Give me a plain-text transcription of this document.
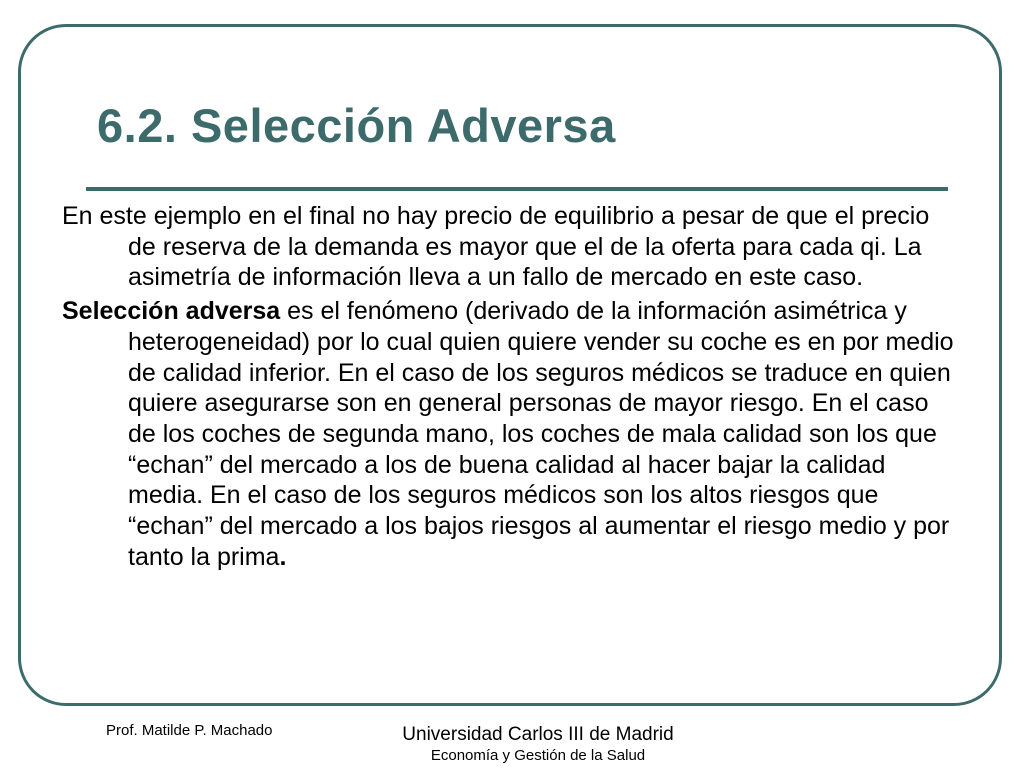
6.2. Selección Adversa

En este ejemplo en el final no hay precio de equilibrio a pesar de que el precio de reserva de la demanda es mayor que el de la oferta para cada qi. La asimetría de información lleva a un fallo de mercado en este caso.

Selección adversa es el fenómeno (derivado de la información asimétrica y heterogeneidad) por lo cual quien quiere vender su coche es en por medio de calidad inferior. En el caso de los seguros médicos se traduce en quien quiere asegurarse son en general personas de mayor riesgo. En el caso de los coches de segunda mano, los coches de mala calidad son los que “echan” del mercado a los de buena calidad al hacer bajar la calidad media. En el caso de los seguros médicos son los altos riesgos que “echan” del mercado a los bajos riesgos al aumentar el riesgo medio y por tanto la prima.

Prof. Matilde P. Machado	Universidad Carlos III de Madrid
Economía y Gestión de la Salud
